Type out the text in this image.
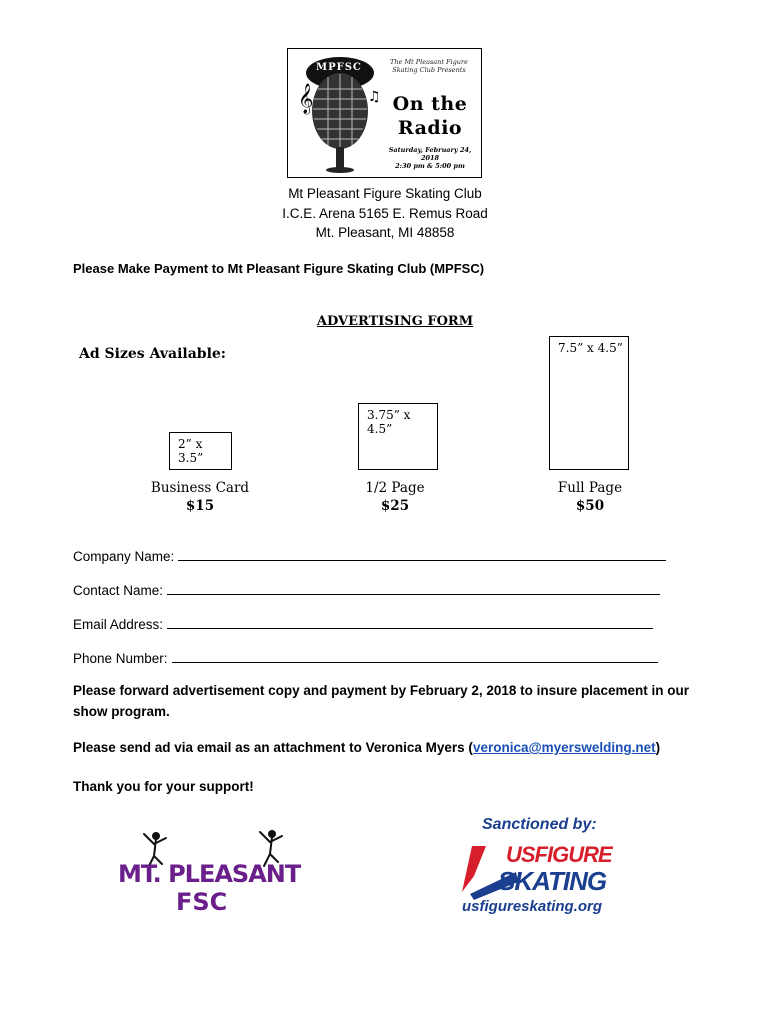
𝄞	♫
MPFSC	The Mt Pleasant Figure Skating Club Presents
On the
Radio
Saturday, February 24, 2018
2:30 pm & 5:00 pm
Mt Pleasant Figure Skating Club
I.C.E. Arena 5165 E. Remus Road
Mt. Pleasant, MI 48858
Please Make Payment to Mt Pleasant Figure Skating Club (MPFSC)
ADVERTISING FORM
Ad Sizes Available:
2” x 3.5”
3.75” x 4.5”
7.5” x 4.5”
Business Card
$15
1/2 Page
$25
Full Page
$50
Company Name:
Contact Name:
Email Address:
Phone Number:
Please forward advertisement copy and payment by February 2, 2018 to insure placement in our show program.
Please send ad via email as an attachment to Veronica Myers (veronica@myerswelding.net)
Thank you for your support!
MT. PLEASANT
FSC
Sanctioned by:
USFIGURE
SKATING
usfigureskating.org
